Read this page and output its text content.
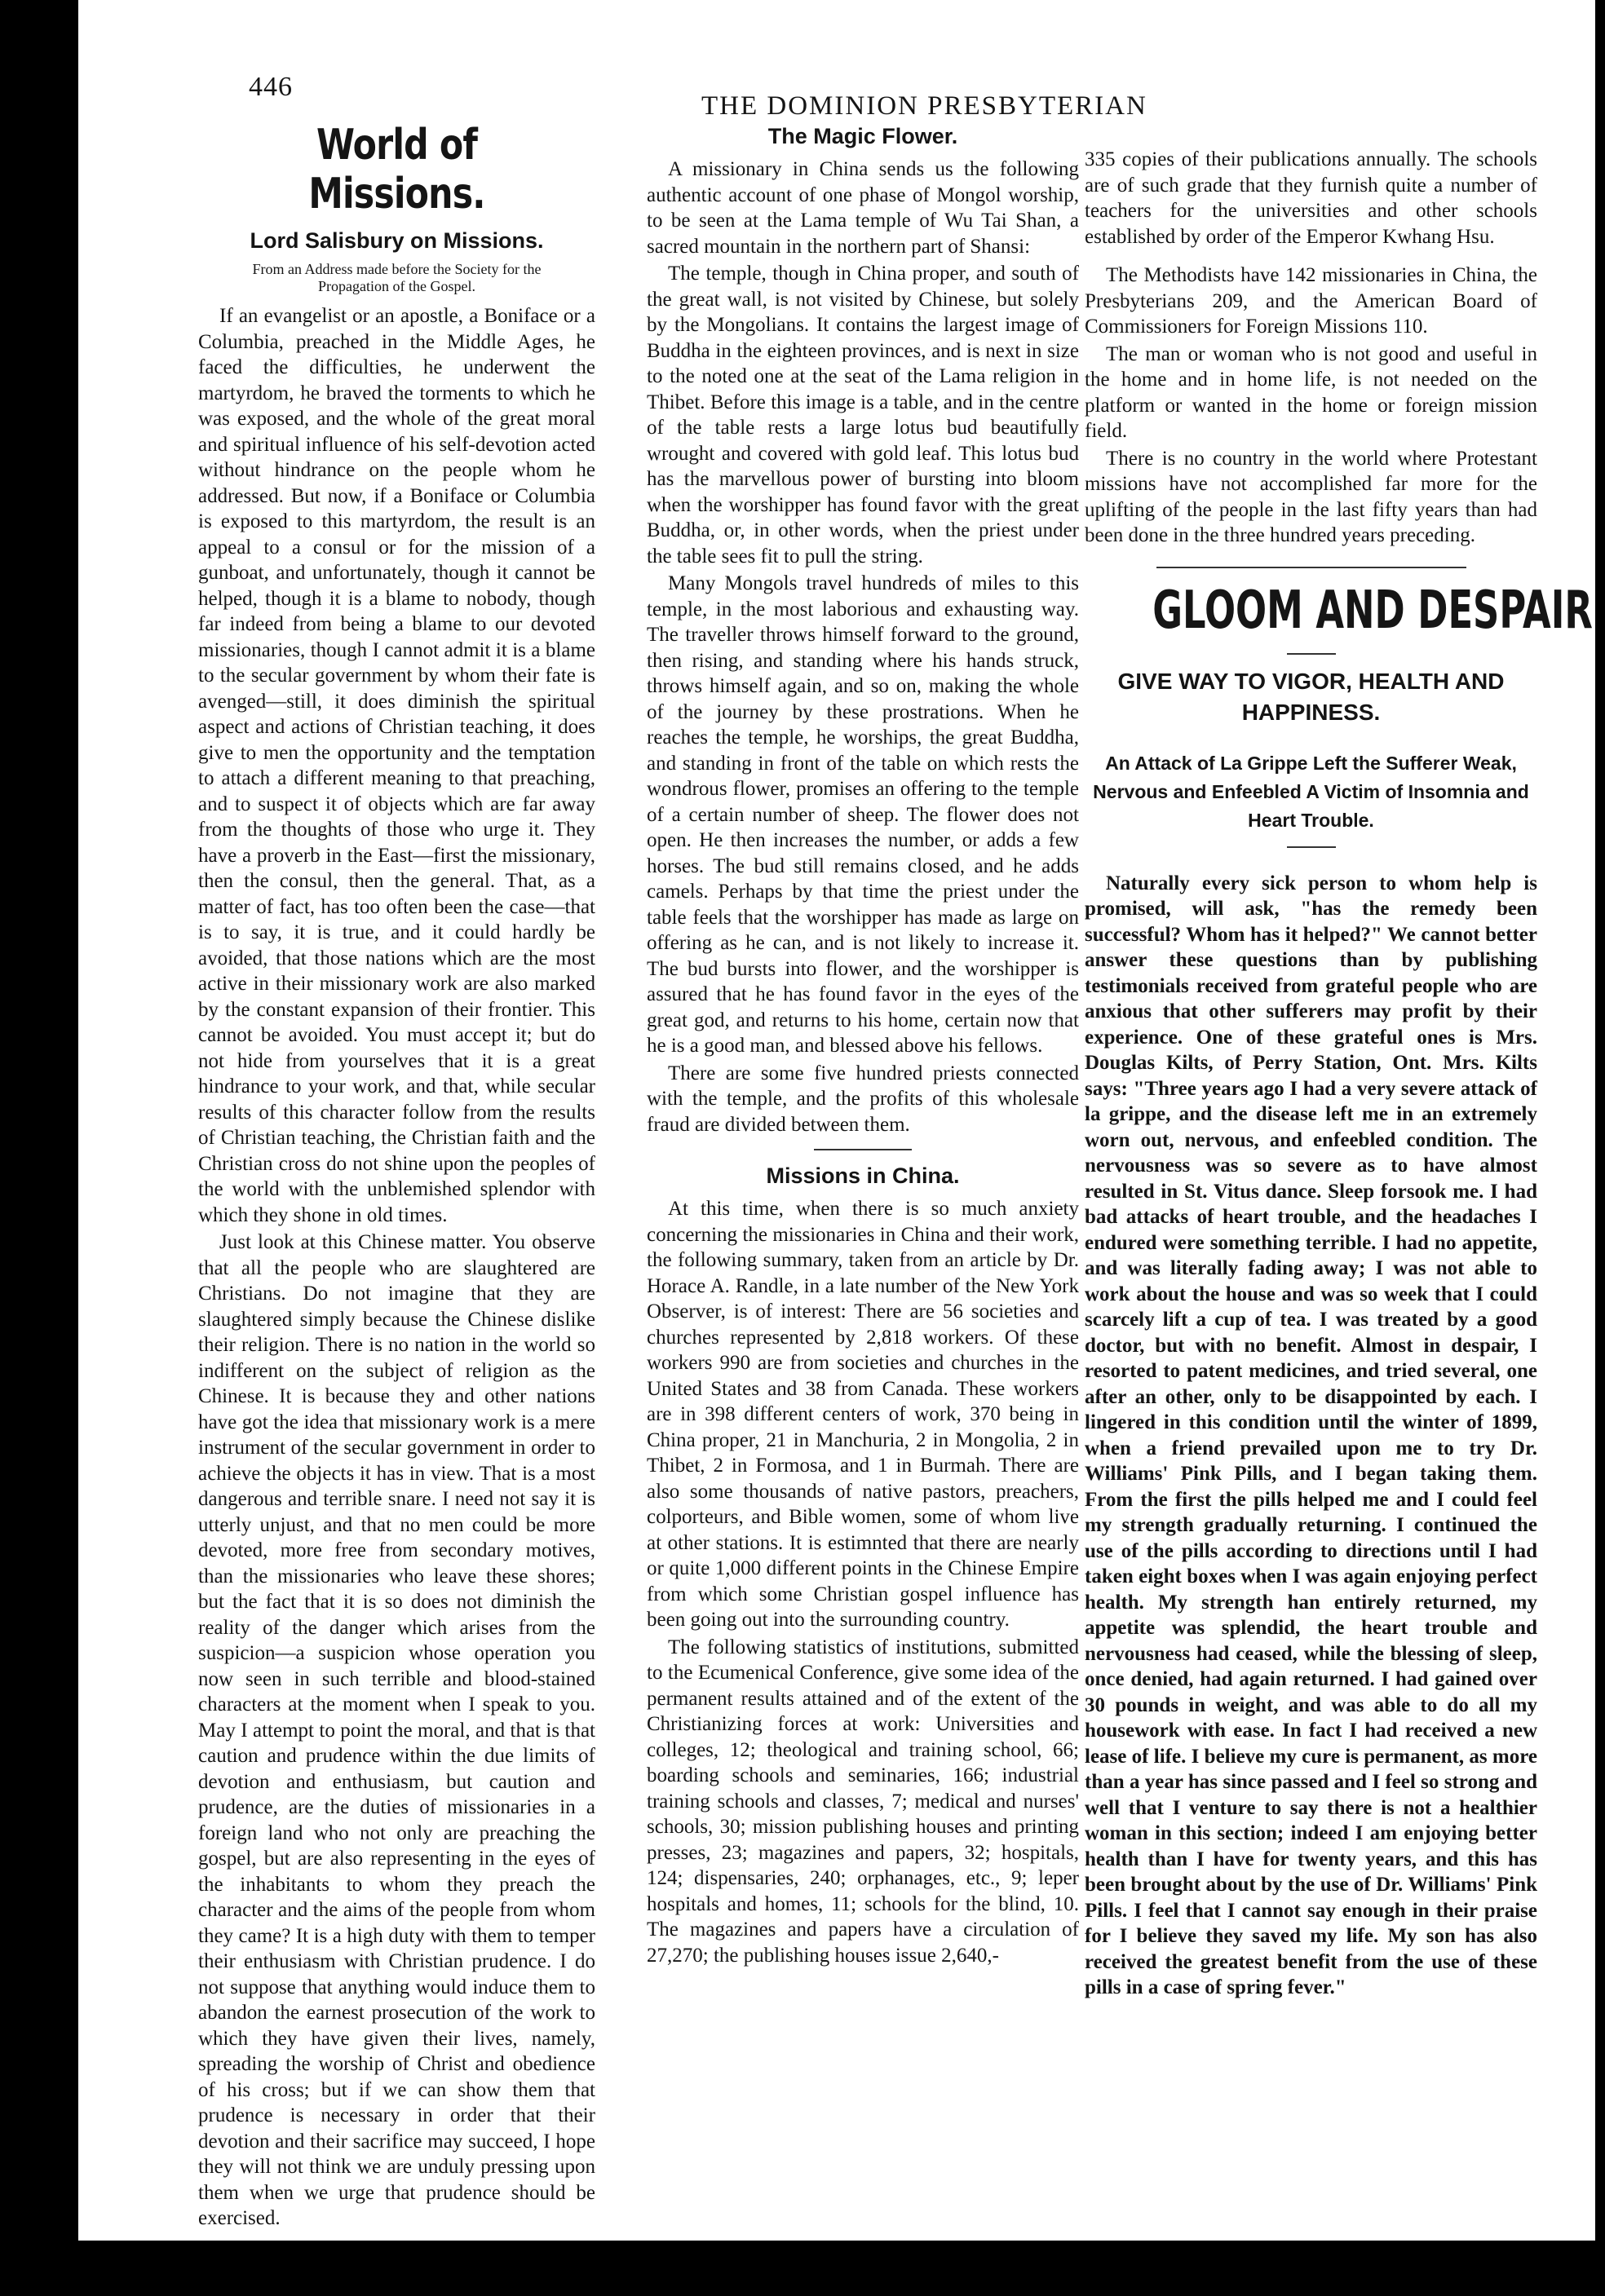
446
THE DOMINION PRESBYTERIAN
World of Missions.
Lord Salisbury on Missions.
From an Address made before the Society for the Propagation of the Gospel.

If an evangelist or an apostle, a Boniface or a Columbia, preached in the Middle Ages, he faced the difficulties, he underwent the martyrdom, he braved the torments to which he was exposed, and the whole of the great moral and spiritual influence of his self-devotion acted without hindrance on the people whom he addressed. But now, if a Boniface or Columbia is exposed to this martyrdom, the result is an appeal to a consul or for the mission of a gunboat, and unfortunately, though it cannot be helped, though it is a blame to nobody, though far indeed from being a blame to our devoted missionaries, though I cannot admit it is a blame to the secular government by whom their fate is avenged—still, it does diminish the spiritual aspect and actions of Christian teaching, it does give to men the opportunity and the temptation to attach a different meaning to that preaching, and to suspect it of objects which are far away from the thoughts of those who urge it. They have a proverb in the East—first the missionary, then the consul, then the general. That, as a matter of fact, has too often been the case—that is to say, it is true, and it could hardly be avoided, that those nations which are the most active in their missionary work are also marked by the constant expansion of their frontier. This cannot be avoided. You must accept it; but do not hide from yourselves that it is a great hindrance to your work, and that, while secular results of this character follow from the results of Christian teaching, the Christian faith and the Christian cross do not shine upon the peoples of the world with the unblemished splendor with which they shone in old times.

Just look at this Chinese matter. You observe that all the people who are slaughtered are Christians. Do not imagine that they are slaughtered simply because the Chinese dislike their religion. There is no nation in the world so indifferent on the subject of religion as the Chinese. It is because they and other nations have got the idea that missionary work is a mere instrument of the secular government in order to achieve the objects it has in view. That is a most dangerous and terrible snare. I need not say it is utterly unjust, and that no men could be more devoted, more free from secondary motives, than the missionaries who leave these shores; but the fact that it is so does not diminish the reality of the danger which arises from the suspicion—a suspicion whose operation you now seen in such terrible and blood-stained characters at the moment when I speak to you. May I attempt to point the moral, and that is that caution and prudence within the due limits of devotion and enthusiasm, but caution and prudence, are the duties of missionaries in a foreign land who not only are preaching the gospel, but are also representing in the eyes of the inhabitants to whom they preach the character and the aims of the people from whom they came? It is a high duty with them to temper their enthusiasm with Christian prudence. I do not suppose that anything would induce them to abandon the earnest prosecution of the work to which they have given their lives, namely, spreading the worship of Christ and obedience of his cross; but if we can show them that prudence is necessary in order that their devotion and their sacrifice may succeed, I hope they will not think we are unduly pressing upon them when we urge that prudence should be exercised.

The Magic Flower.

A missionary in China sends us the following authentic account of one phase of Mongol worship, to be seen at the Lama temple of Wu Tai Shan, a sacred mountain in the northern part of Shansi:

The temple, though in China proper, and south of the great wall, is not visited by Chinese, but solely by the Mongolians. It contains the largest image of Buddha in the eighteen provinces, and is next in size to the noted one at the seat of the Lama religion in Thibet. Before this image is a table, and in the centre of the table rests a large lotus bud beautifully wrought and covered with gold leaf. This lotus bud has the marvellous power of bursting into bloom when the worshipper has found favor with the great Buddha, or, in other words, when the priest under the table sees fit to pull the string.

Many Mongols travel hundreds of miles to this temple, in the most laborious and exhausting way. The traveller throws himself forward to the ground, then rising, and standing where his hands struck, throws himself again, and so on, making the whole of the journey by these prostrations. When he reaches the temple, he worships, the great Buddha, and standing in front of the table on which rests the wondrous flower, promises an offering to the temple of a certain number of sheep. The flower does not open. He then increases the number, or adds a few horses. The bud still remains closed, and he adds camels. Perhaps by that time the priest under the table feels that the worshipper has made as large on offering as he can, and is not likely to increase it. The bud bursts into flower, and the worshipper is assured that he has found favor in the eyes of the great god, and returns to his home, certain now that he is a good man, and blessed above his fellows.

There are some five hundred priests connected with the temple, and the profits of this wholesale fraud are divided between them.

Missions in China.

At this time, when there is so much anxiety concerning the missionaries in China and their work, the following summary, taken from an article by Dr. Horace A. Randle, in a late number of the New York Observer, is of interest: There are 56 societies and churches represented by 2,818 workers. Of these workers 990 are from societies and churches in the United States and 38 from Canada. These workers are in 398 different centers of work, 370 being in China proper, 21 in Manchuria, 2 in Mongolia, 2 in Thibet, 2 in Formosa, and 1 in Burmah. There are also some thousands of native pastors, preachers, colporteurs, and Bible women, some of whom live at other stations. It is estimnted that there are nearly or quite 1,000 different points in the Chinese Empire from which some Christian gospel influence has been going out into the surrounding country.

The following statistics of institutions, submitted to the Ecumenical Conference, give some idea of the permanent results attained and of the extent of the Christianizing forces at work: Universities and colleges, 12; theological and training school, 66; boarding schools and seminaries, 166; industrial training schools and classes, 7; medical and nurses' schools, 30; mission publishing houses and printing presses, 23; magazines and papers, 32; hospitals, 124; dispensaries, 240; orphanages, etc., 9; leper hospitals and homes, 11; schools for the blind, 10. The magazines and papers have a circulation of 27,270; the publishing houses issue 2,640,-

335 copies of their publications annually. The schools are of such grade that they furnish quite a number of teachers for the universities and other schools established by order of the Emperor Kwhang Hsu.

The Methodists have 142 missionaries in China, the Presbyterians 209, and the American Board of Commissioners for Foreign Missions 110.

The man or woman who is not good and useful in the home and in home life, is not needed on the platform or wanted in the home or foreign mission field.

There is no country in the world where Protestant missions have not accomplished far more for the uplifting of the people in the last fifty years than had been done in the three hundred years preceding.

GLOOM AND DESPAIR
GIVE WAY TO VIGOR, HEALTH AND HAPPINESS.
An Attack of La Grippe Left the Sufferer Weak, Nervous and Enfeebled A Victim of Insomnia and Heart Trouble.

Naturally every sick person to whom help is promised, will ask, "has the remedy been successful? Whom has it helped?" We cannot better answer these questions than by publishing testimonials received from grateful people who are anxious that other sufferers may profit by their experience. One of these grateful ones is Mrs. Douglas Kilts, of Perry Station, Ont. Mrs. Kilts says: "Three years ago I had a very severe attack of la grippe, and the disease left me in an extremely worn out, nervous, and enfeebled condition. The nervousness was so severe as to have almost resulted in St. Vitus dance. Sleep forsook me. I had bad attacks of heart trouble, and the headaches I endured were something terrible. I had no appetite, and was literally fading away; I was not able to work about the house and was so week that I could scarcely lift a cup of tea. I was treated by a good doctor, but with no benefit. Almost in despair, I resorted to patent medicines, and tried several, one after an other, only to be disappointed by each. I lingered in this condition until the winter of 1899, when a friend prevailed upon me to try Dr. Williams' Pink Pills, and I began taking them. From the first the pills helped me and I could feel my strength gradually returning. I continued the use of the pills according to directions until I had taken eight boxes when I was again enjoying perfect health. My strength han entirely returned, my appetite was splendid, the heart trouble and nervousness had ceased, while the blessing of sleep, once denied, had again returned. I had gained over 30 pounds in weight, and was able to do all my housework with ease. In fact I had received a new lease of life. I believe my cure is permanent, as more than a year has since passed and I feel so strong and well that I venture to say there is not a healthier woman in this section; indeed I am enjoying better health than I have for twenty years, and this has been brought about by the use of Dr. Williams' Pink Pills. I feel that I cannot say enough in their praise for I believe they saved my life. My son has also received the greatest benefit from the use of these pills in a case of spring fever."
